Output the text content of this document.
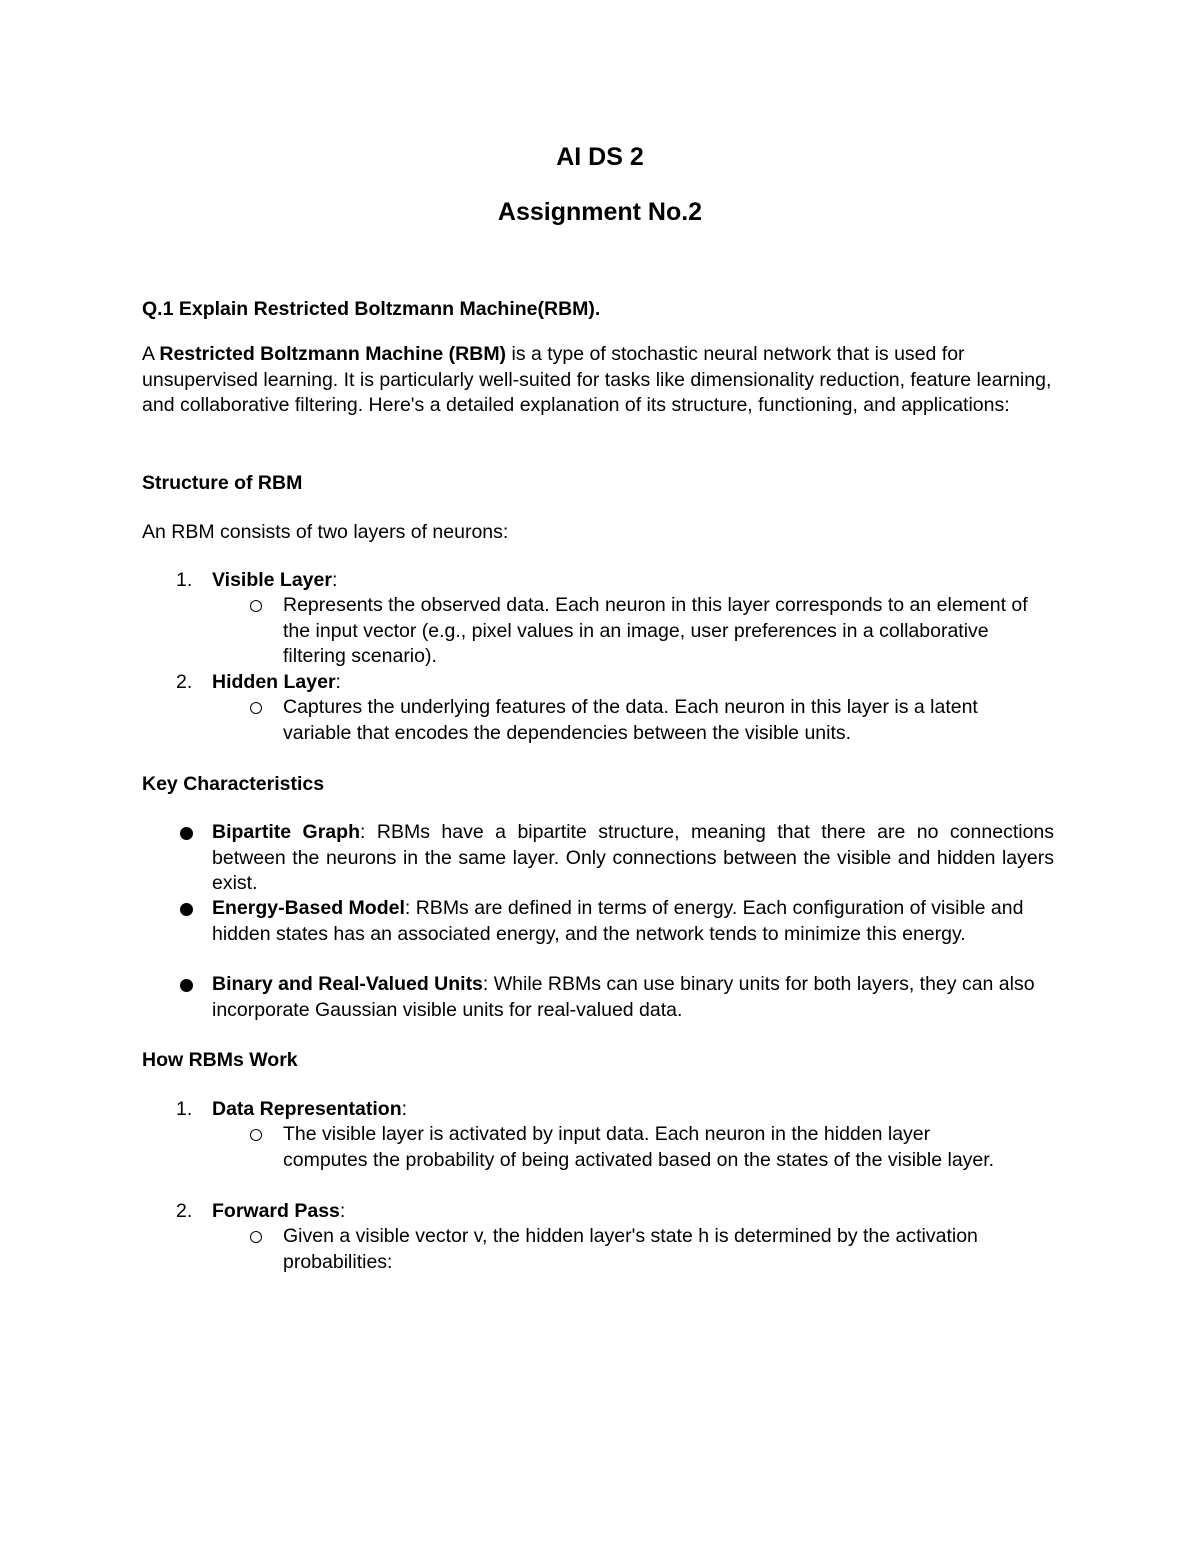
AI DS 2
Assignment No.2
Q.1 Explain Restricted Boltzmann Machine(RBM).
A Restricted Boltzmann Machine (RBM) is a type of stochastic neural network that is used for unsupervised learning. It is particularly well-suited for tasks like dimensionality reduction, feature learning, and collaborative filtering. Here's a detailed explanation of its structure, functioning, and applications:
Structure of RBM
An RBM consists of two layers of neurons:
1. Visible Layer:
Represents the observed data. Each neuron in this layer corresponds to an element of the input vector (e.g., pixel values in an image, user preferences in a collaborative filtering scenario).
2. Hidden Layer:
Captures the underlying features of the data. Each neuron in this layer is a latent variable that encodes the dependencies between the visible units.
Key Characteristics
Bipartite Graph: RBMs have a bipartite structure, meaning that there are no connections between the neurons in the same layer. Only connections between the visible and hidden layers exist.
Energy-Based Model: RBMs are defined in terms of energy. Each configuration of visible and hidden states has an associated energy, and the network tends to minimize this energy.
Binary and Real-Valued Units: While RBMs can use binary units for both layers, they can also incorporate Gaussian visible units for real-valued data.
How RBMs Work
1. Data Representation:
The visible layer is activated by input data. Each neuron in the hidden layer computes the probability of being activated based on the states of the visible layer.
2. Forward Pass:
Given a visible vector v, the hidden layer's state h is determined by the activation probabilities:
